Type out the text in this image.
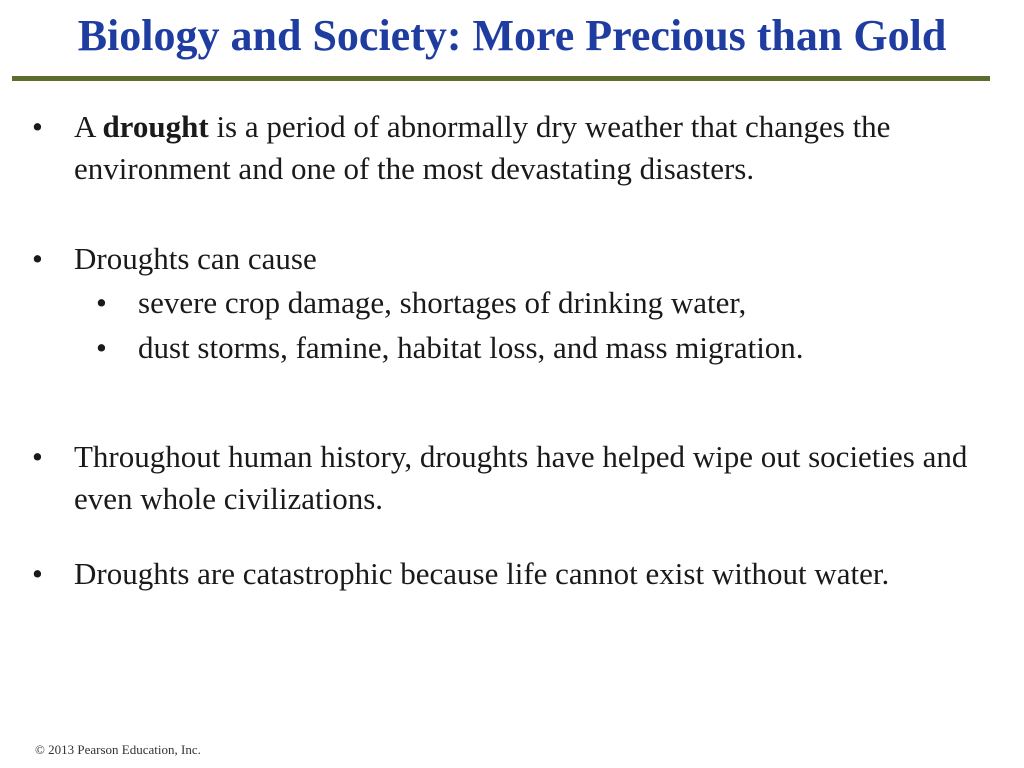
Biology and Society: More Precious than Gold
• A drought is a period of abnormally dry weather that changes the environment and one of the most devastating disasters.
• Droughts can cause
• severe crop damage, shortages of drinking water,
• dust storms, famine, habitat loss, and mass migration.
• Throughout human history, droughts have helped wipe out societies and even whole civilizations.
• Droughts are catastrophic because life cannot exist without water.
© 2013 Pearson Education, Inc.
